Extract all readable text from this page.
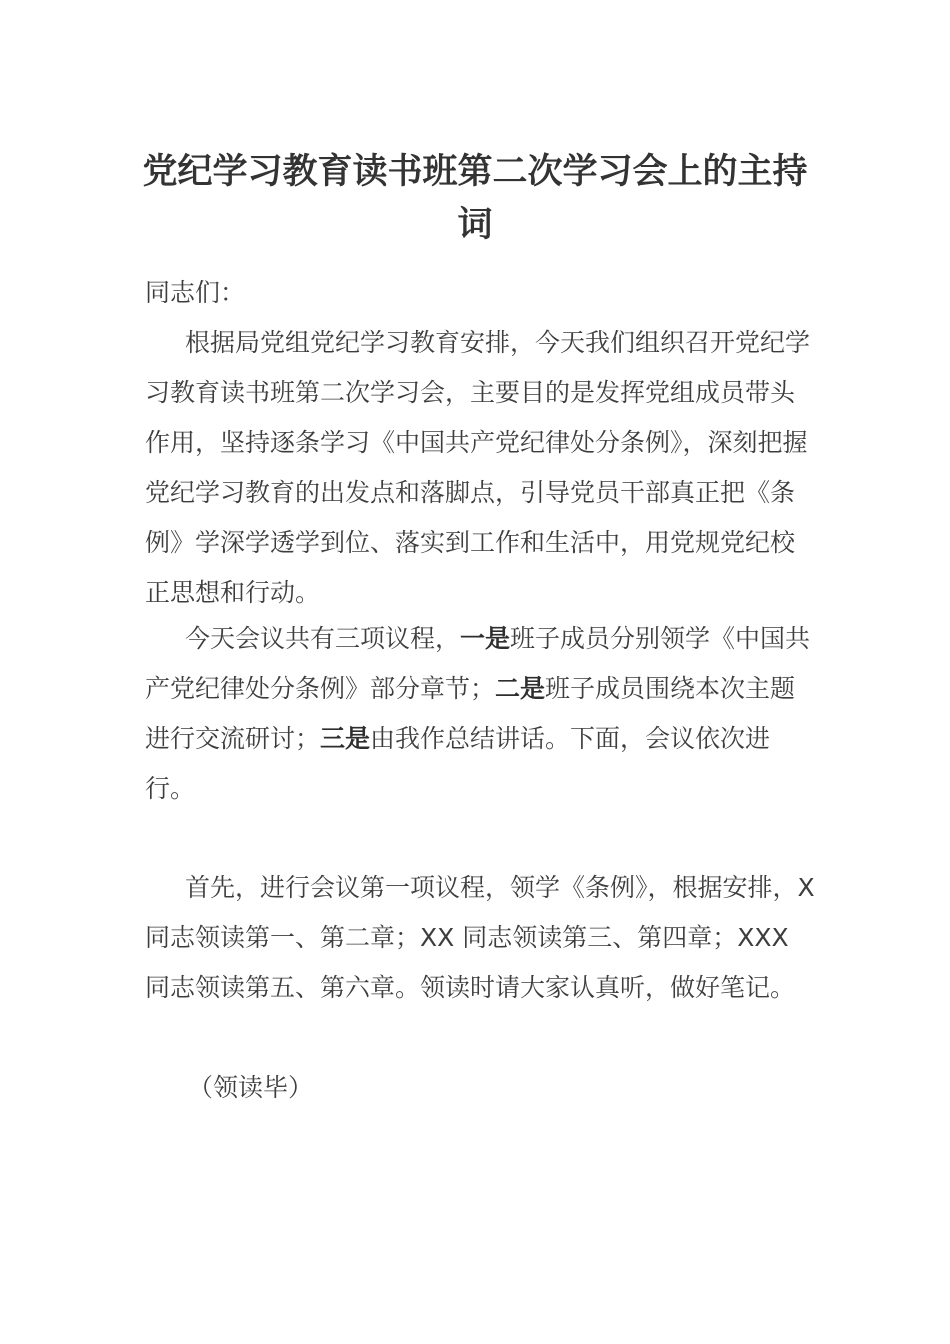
党纪学习教育读书班第二次学习会上的主持词

同志们：

根据局党组党纪学习教育安排，今天我们组织召开党纪学习教育读书班第二次学习会，主要目的是发挥党组成员带头作用，坚持逐条学习《中国共产党纪律处分条例》，深刻把握党纪学习教育的出发点和落脚点，引导党员干部真正把《条例》学深学透学到位、落实到工作和生活中，用党规党纪校正思想和行动。

今天会议共有三项议程，一是班子成员分别领学《中国共产党纪律处分条例》部分章节；二是班子成员围绕本次主题进行交流研讨；三是由我作总结讲话。下面，会议依次进行。

首先，进行会议第一项议程，领学《条例》，根据安排，X 同志领读第一、第二章；XX 同志领读第三、第四章；XXX 同志领读第五、第六章。领读时请大家认真听，做好笔记。

（领读毕）
